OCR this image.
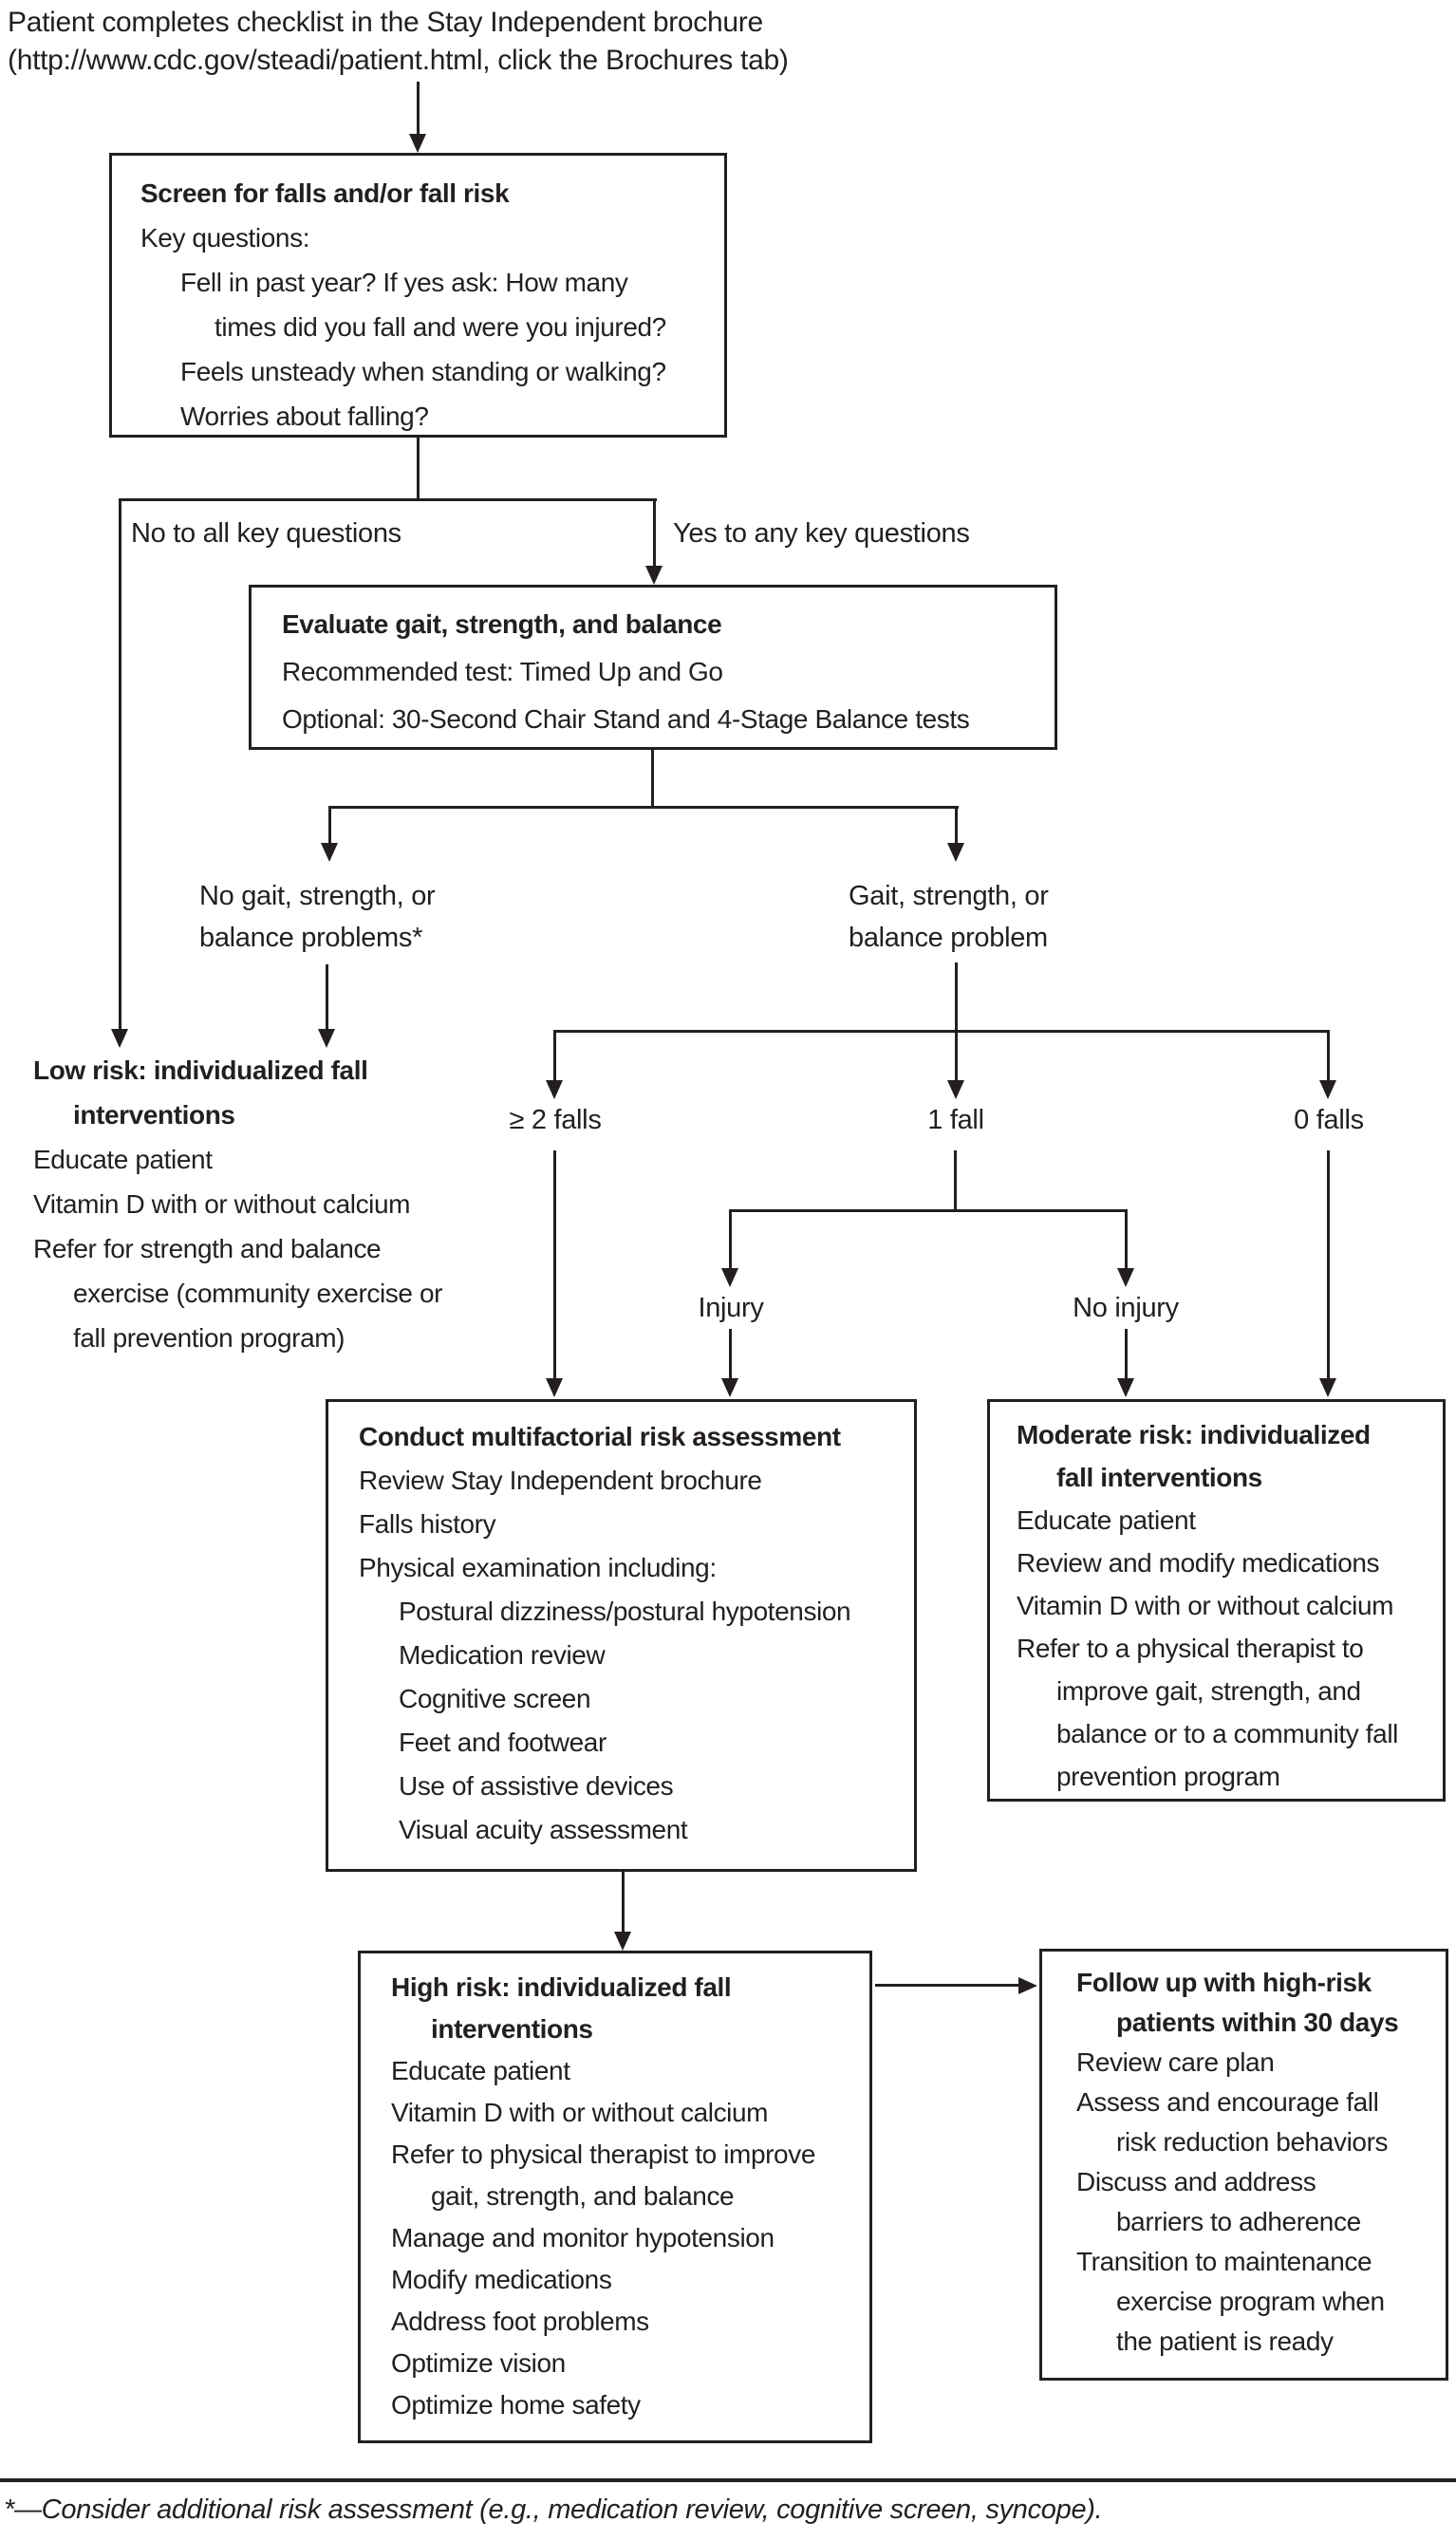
Patient completes checklist in the Stay Independent brochure
(http://www.cdc.gov/steadi/patient.html, click the Brochures tab)
Screen for falls and/or fall risk
Key questions:
Fell in past year? If yes ask: How many
times did you fall and were you injured?
Feels unsteady when standing or walking?
Worries about falling?
No to all key questions	Yes to any key questions
Evaluate gait, strength, and balance
Recommended test: Timed Up and Go
Optional: 30-Second Chair Stand and 4-Stage Balance tests
No gait, strength, or
balance problems*
Gait, strength, or
balance problem
≥ 2 falls	1 fall	0 falls
Low risk: individualized fall
interventions
Educate patient
Vitamin D with or without calcium
Refer for strength and balance
exercise (community exercise or
fall prevention program)
Injury	No injury
Conduct multifactorial risk assessment
Review Stay Independent brochure
Falls history
Physical examination including:
Postural dizziness/postural hypotension
Medication review
Cognitive screen
Feet and footwear
Use of assistive devices
Visual acuity assessment
Moderate risk: individualized
fall interventions
Educate patient
Review and modify medications
Vitamin D with or without calcium
Refer to a physical therapist to
improve gait, strength, and
balance or to a community fall
prevention program
High risk: individualized fall
interventions
Educate patient
Vitamin D with or without calcium
Refer to physical therapist to improve
gait, strength, and balance
Manage and monitor hypotension
Modify medications
Address foot problems
Optimize vision
Optimize home safety
Follow up with high-risk
patients within 30 days
Review care plan
Assess and encourage fall
risk reduction behaviors
Discuss and address
barriers to adherence
Transition to maintenance
exercise program when
the patient is ready
*—Consider additional risk assessment (e.g., medication review, cognitive screen, syncope).
